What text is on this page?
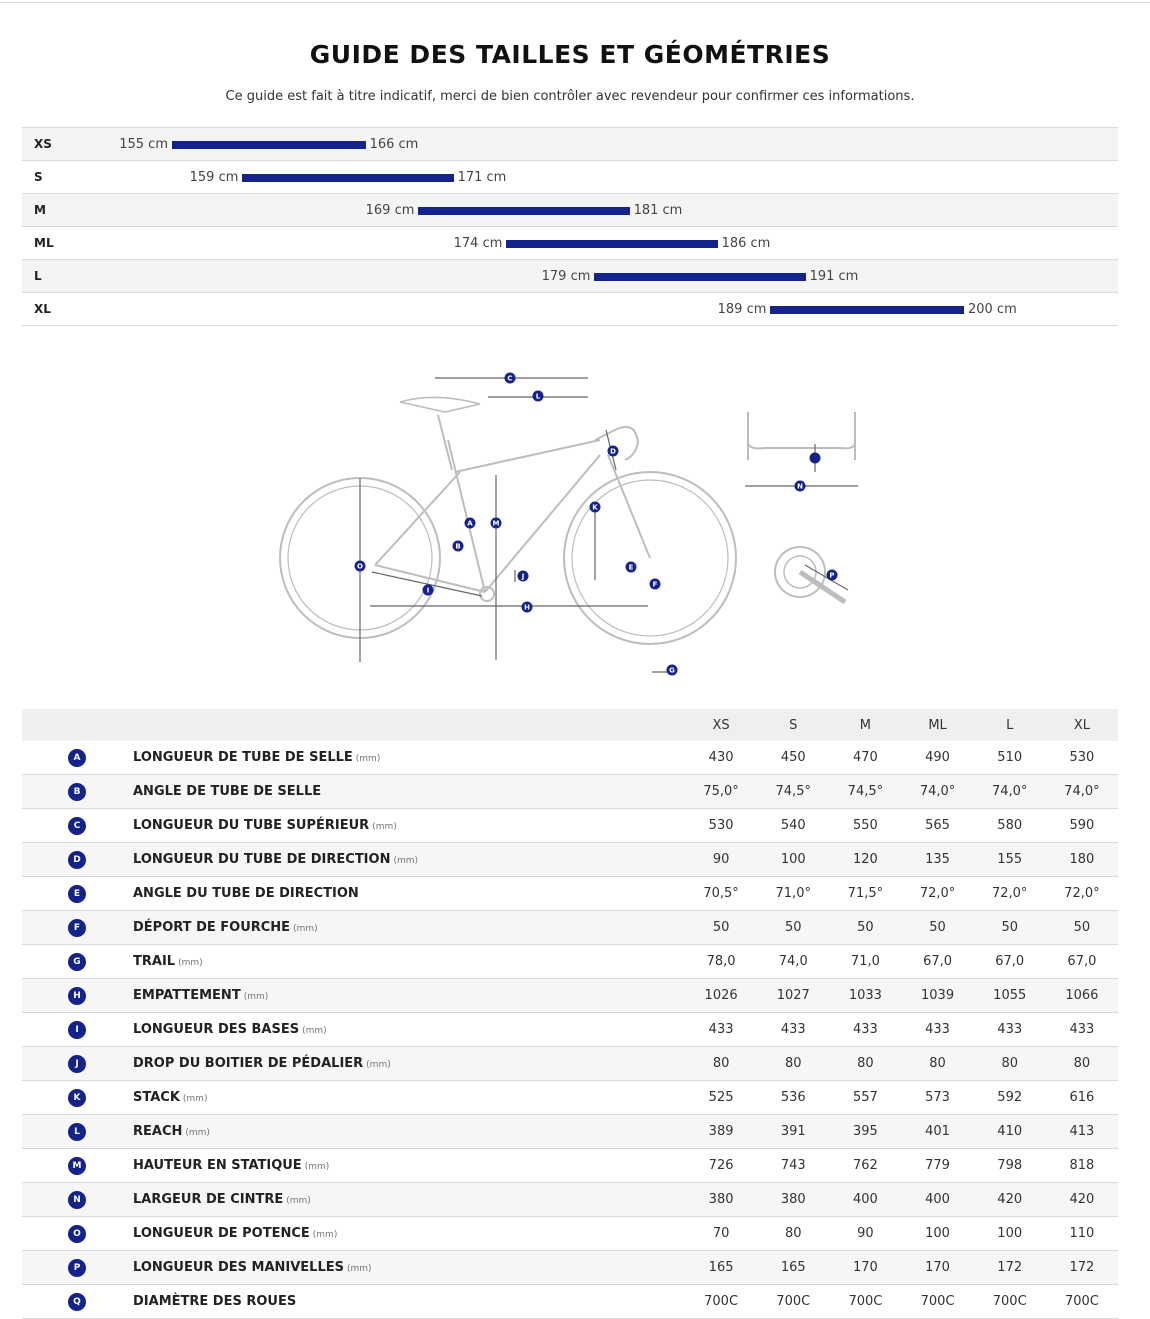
GUIDE DES TAILLES ET GÉOMÉTRIES
Ce guide est fait à titre indicatif, merci de bien contrôler avec revendeur pour confirmer ces informations.
XS	155 cm	166 cm
S	159 cm	171 cm
M	169 cm	181 cm
ML	174 cm	186 cm
L	179 cm	191 cm
XL	189 cm	200 cm
A
B
C
D
E
F
G
H
I
J
K
L
M
N
O
P
		XS	S	M	ML	L	XL
A	LONGUEUR DE TUBE DE SELLE (mm)	430	450	470	490	510	530
B	ANGLE DE TUBE DE SELLE	75,0°	74,5°	74,5°	74,0°	74,0°	74,0°
C	LONGUEUR DU TUBE SUPÉRIEUR (mm)	530	540	550	565	580	590
D	LONGUEUR DU TUBE DE DIRECTION (mm)	90	100	120	135	155	180
E	ANGLE DU TUBE DE DIRECTION	70,5°	71,0°	71,5°	72,0°	72,0°	72,0°
F	DÉPORT DE FOURCHE (mm)	50	50	50	50	50	50
G	TRAIL (mm)	78,0	74,0	71,0	67,0	67,0	67,0
H	EMPATTEMENT (mm)	1026	1027	1033	1039	1055	1066
I	LONGUEUR DES BASES (mm)	433	433	433	433	433	433
J	DROP DU BOITIER DE PÉDALIER (mm)	80	80	80	80	80	80
K	STACK (mm)	525	536	557	573	592	616
L	REACH (mm)	389	391	395	401	410	413
M	HAUTEUR EN STATIQUE (mm)	726	743	762	779	798	818
N	LARGEUR DE CINTRE (mm)	380	380	400	400	420	420
O	LONGUEUR DE POTENCE (mm)	70	80	90	100	100	110
P	LONGUEUR DES MANIVELLES (mm)	165	165	170	170	172	172
Q	DIAMÈTRE DES ROUES	700C	700C	700C	700C	700C	700C
